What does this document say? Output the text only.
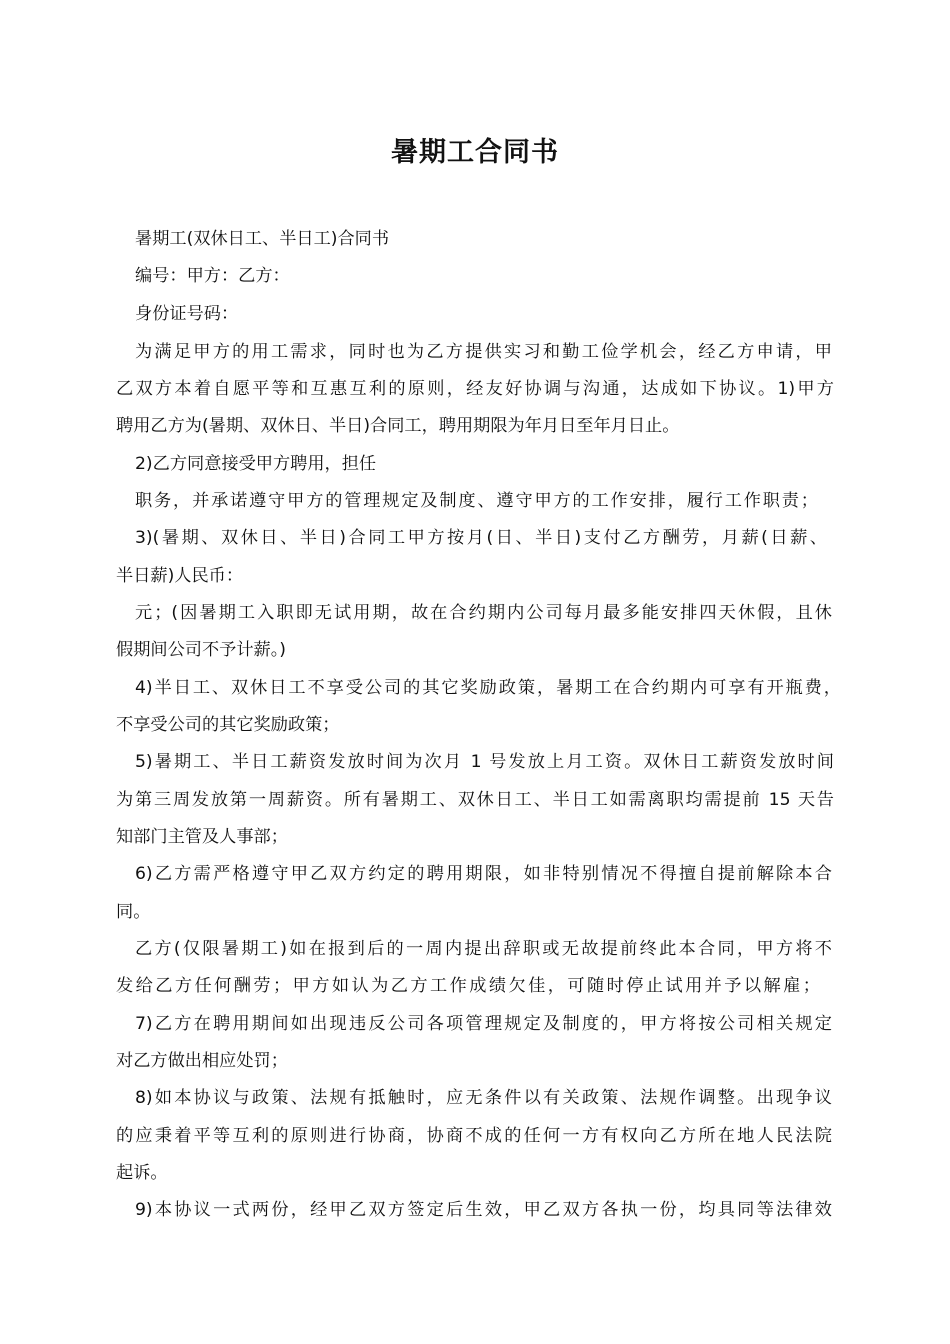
暑期工合同书
暑期工(双休日工、半日工)合同书
编号：甲方：乙方：
身份证号码：
为满足甲方的用工需求，同时也为乙方提供实习和勤工俭学机会，经乙方申请，甲
乙双方本着自愿平等和互惠互利的原则，经友好协调与沟通，达成如下协议。1)甲方
聘用乙方为(暑期、双休日、半日)合同工，聘用期限为年月日至年月日止。
2)乙方同意接受甲方聘用，担任
职务，并承诺遵守甲方的管理规定及制度、遵守甲方的工作安排，履行工作职责；
3)(暑期、双休日、半日)合同工甲方按月(日、半日)支付乙方酬劳，月薪(日薪、
半日薪)人民币：
元；(因暑期工入职即无试用期，故在合约期内公司每月最多能安排四天休假，且休
假期间公司不予计薪。)
4)半日工、双休日工不享受公司的其它奖励政策，暑期工在合约期内可享有开瓶费，
不享受公司的其它奖励政策；
5)暑期工、半日工薪资发放时间为次月 1 号发放上月工资。双休日工薪资发放时间
为第三周发放第一周薪资。所有暑期工、双休日工、半日工如需离职均需提前 15 天告
知部门主管及人事部；
6)乙方需严格遵守甲乙双方约定的聘用期限，如非特别情况不得擅自提前解除本合
同。
乙方(仅限暑期工)如在报到后的一周内提出辞职或无故提前终此本合同，甲方将不
发给乙方任何酬劳；甲方如认为乙方工作成绩欠佳，可随时停止试用并予以解雇；
7)乙方在聘用期间如出现违反公司各项管理规定及制度的，甲方将按公司相关规定
对乙方做出相应处罚；
8)如本协议与政策、法规有抵触时，应无条件以有关政策、法规作调整。出现争议
的应秉着平等互利的原则进行协商，协商不成的任何一方有权向乙方所在地人民法院
起诉。
9)本协议一式两份，经甲乙双方签定后生效，甲乙双方各执一份，均具同等法律效
